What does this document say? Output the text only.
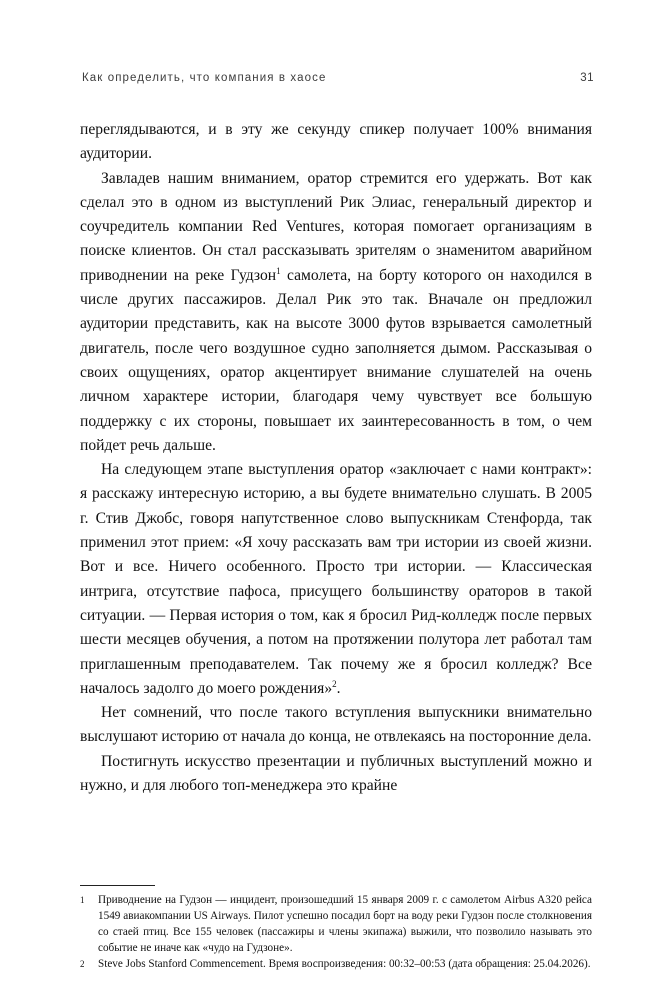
Как определить, что компания в хаосе	31

переглядываются, и в эту же секунду спикер получает 100% внимания аудитории.

Завладев нашим вниманием, оратор стремится его удержать. Вот как сделал это в одном из выступлений Рик Элиас, генеральный директор и соучредитель компании Red Ventures, которая помогает организациям в поиске клиентов. Он стал рассказывать зрителям о знаменитом аварийном приводнении на реке Гудзон$^1$ самолета, на борту которого он находился в числе других пассажиров. Делал Рик это так. Вначале он предложил аудитории представить, как на высоте 3000 футов взрывается самолетный двигатель, после чего воздушное судно заполняется дымом. Рассказывая о своих ощущениях, оратор акцентирует внимание слушателей на очень личном характере истории, благодаря чему чувствует все большую поддержку с их стороны, повышает их заинтересованность в том, о чем пойдет речь дальше.

На следующем этапе выступления оратор «заключает с нами контракт»: я расскажу интересную историю, а вы будете внимательно слушать. В 2005 г. Стив Джобс, говоря напутственное слово выпускникам Стенфорда, так применил этот прием: «Я хочу рассказать вам три истории из своей жизни. Вот и все. Ничего особенного. Просто три истории. — Классическая интрига, отсутствие пафоса, присущего большинству ораторов в такой ситуации. — Первая история о том, как я бросил Рид-колледж после первых шести месяцев обучения, а потом на протяжении полутора лет работал там приглашенным преподавателем. Так почему же я бросил колледж? Все началось задолго до моего рождения»$^2$.

Нет сомнений, что после такого вступления выпускники внимательно выслушают историю от начала до конца, не отвлекаясь на посторонние дела.

Постигнуть искусство презентации и публичных выступлений можно и нужно, и для любого топ-менеджера это крайне

1 Приводнение на Гудзон — инцидент, произошедший 15 января 2009 г. с самолетом Airbus A320 рейса 1549 авиакомпании US Airways. Пилот успешно посадил борт на воду реки Гудзон после столкновения со стаей птиц. Все 155 человек (пассажиры и члены экипажа) выжили, что позволило называть это событие не иначе как «чудо на Гудзоне».
2 Steve Jobs Stanford Commencement. Время воспроизведения: 00:32–00:53 (дата обращения: 25.04.2026).
